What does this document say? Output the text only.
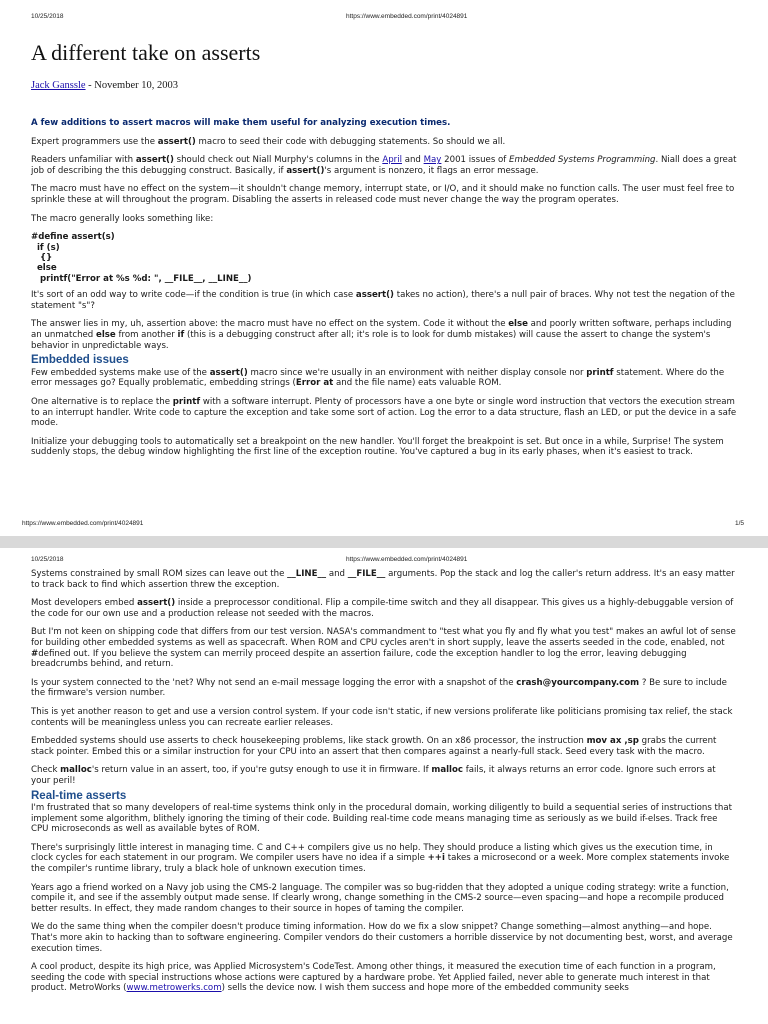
10/25/2018	https://www.embedded.com/print/4024891
A different take on asserts
Jack Ganssle - November 10, 2003

A few additions to assert macros will make them useful for analyzing execution times.

Expert programmers use the assert() macro to seed their code with debugging statements. So should we all.

Readers unfamiliar with assert() should check out Niall Murphy's columns in the April and May 2001 issues of Embedded Systems Programming. Niall does a great job of describing the this debugging construct. Basically, if assert()'s argument is nonzero, it flags an error message.

The macro must have no effect on the system—it shouldn't change memory, interrupt state, or I/O, and it should make no function calls. The user must feel free to sprinkle these at will throughout the program. Disabling the asserts in released code must never change the way the program operates.

The macro generally looks something like:

#define assert(s)
if (s)
{}
else
printf("Error at %s %d: ", __FILE__, __LINE__)

It's sort of an odd way to write code—if the condition is true (in which case assert() takes no action), there's a null pair of braces. Why not test the negation of the statement "s"?

The answer lies in my, uh, assertion above: the macro must have no effect on the system. Code it without the else and poorly written software, perhaps including an unmatched else from another if (this is a debugging construct after all; it's role is to look for dumb mistakes) will cause the assert to change the system's behavior in unpredictable ways.

Embedded issues

Few embedded systems make use of the assert() macro since we're usually in an environment with neither display console nor printf statement. Where do the error messages go? Equally problematic, embedding strings (Error at and the file name) eats valuable ROM.

One alternative is to replace the printf with a software interrupt. Plenty of processors have a one byte or single word instruction that vectors the execution stream to an interrupt handler. Write code to capture the exception and take some sort of action. Log the error to a data structure, flash an LED, or put the device in a safe mode.

Initialize your debugging tools to automatically set a breakpoint on the new handler. You'll forget the breakpoint is set. But once in a while, Surprise! The system suddenly stops, the debug window highlighting the first line of the exception routine. You've captured a bug in its early phases, when it's easiest to track.

https://www.embedded.com/print/4024891	1/5
10/25/2018	https://www.embedded.com/print/4024891

Systems constrained by small ROM sizes can leave out the __LINE__ and __FILE__ arguments. Pop the stack and log the caller's return address. It's an easy matter to track back to find which assertion threw the exception.

Most developers embed assert() inside a preprocessor conditional. Flip a compile-time switch and they all disappear. This gives us a highly-debuggable version of the code for our own use and a production release not seeded with the macros.

But I'm not keen on shipping code that differs from our test version. NASA's commandment to "test what you fly and fly what you test" makes an awful lot of sense for building other embedded systems as well as spacecraft. When ROM and CPU cycles aren't in short supply, leave the asserts seeded in the code, enabled, not #defined out. If you believe the system can merrily proceed despite an assertion failure, code the exception handler to log the error, leaving debugging breadcrumbs behind, and return.

Is your system connected to the 'net? Why not send an e-mail message logging the error with a snapshot of the crash@yourcompany.com ? Be sure to include the firmware's version number.

This is yet another reason to get and use a version control system. If your code isn't static, if new versions proliferate like politicians promising tax relief, the stack contents will be meaningless unless you can recreate earlier releases.

Embedded systems should use asserts to check housekeeping problems, like stack growth. On an x86 processor, the instruction mov ax ,sp grabs the current stack pointer. Embed this or a similar instruction for your CPU into an assert that then compares against a nearly-full stack. Seed every task with the macro.

Check malloc's return value in an assert, too, if you're gutsy enough to use it in firmware. If malloc fails, it always returns an error code. Ignore such errors at your peril!

Real-time asserts

I'm frustrated that so many developers of real-time systems think only in the procedural domain, working diligently to build a sequential series of instructions that implement some algorithm, blithely ignoring the timing of their code. Building real-time code means managing time as seriously as we build if-elses. Track free CPU microseconds as well as available bytes of ROM.

There's surprisingly little interest in managing time. C and C++ compilers give us no help. They should produce a listing which gives us the execution time, in clock cycles for each statement in our program. We compiler users have no idea if a simple ++i takes a microsecond or a week. More complex statements invoke the compiler's runtime library, truly a black hole of unknown execution times.

Years ago a friend worked on a Navy job using the CMS-2 language. The compiler was so bug-ridden that they adopted a unique coding strategy: write a function, compile it, and see if the assembly output made sense. If clearly wrong, change something in the CMS-2 source—even spacing—and hope a recompile produced better results. In effect, they made random changes to their source in hopes of taming the compiler.

We do the same thing when the compiler doesn't produce timing information. How do we fix a slow snippet? Change something—almost anything—and hope. That's more akin to hacking than to software engineering. Compiler vendors do their customers a horrible disservice by not documenting best, worst, and average execution times.

A cool product, despite its high price, was Applied Microsystem's CodeTest. Among other things, it measured the execution time of each function in a program, seeding the code with special instructions whose actions were captured by a hardware probe. Yet Applied failed, never able to generate much interest in that product. MetroWorks (www.metrowerks.com) sells the device now. I wish them success and hope more of the embedded community seeks
